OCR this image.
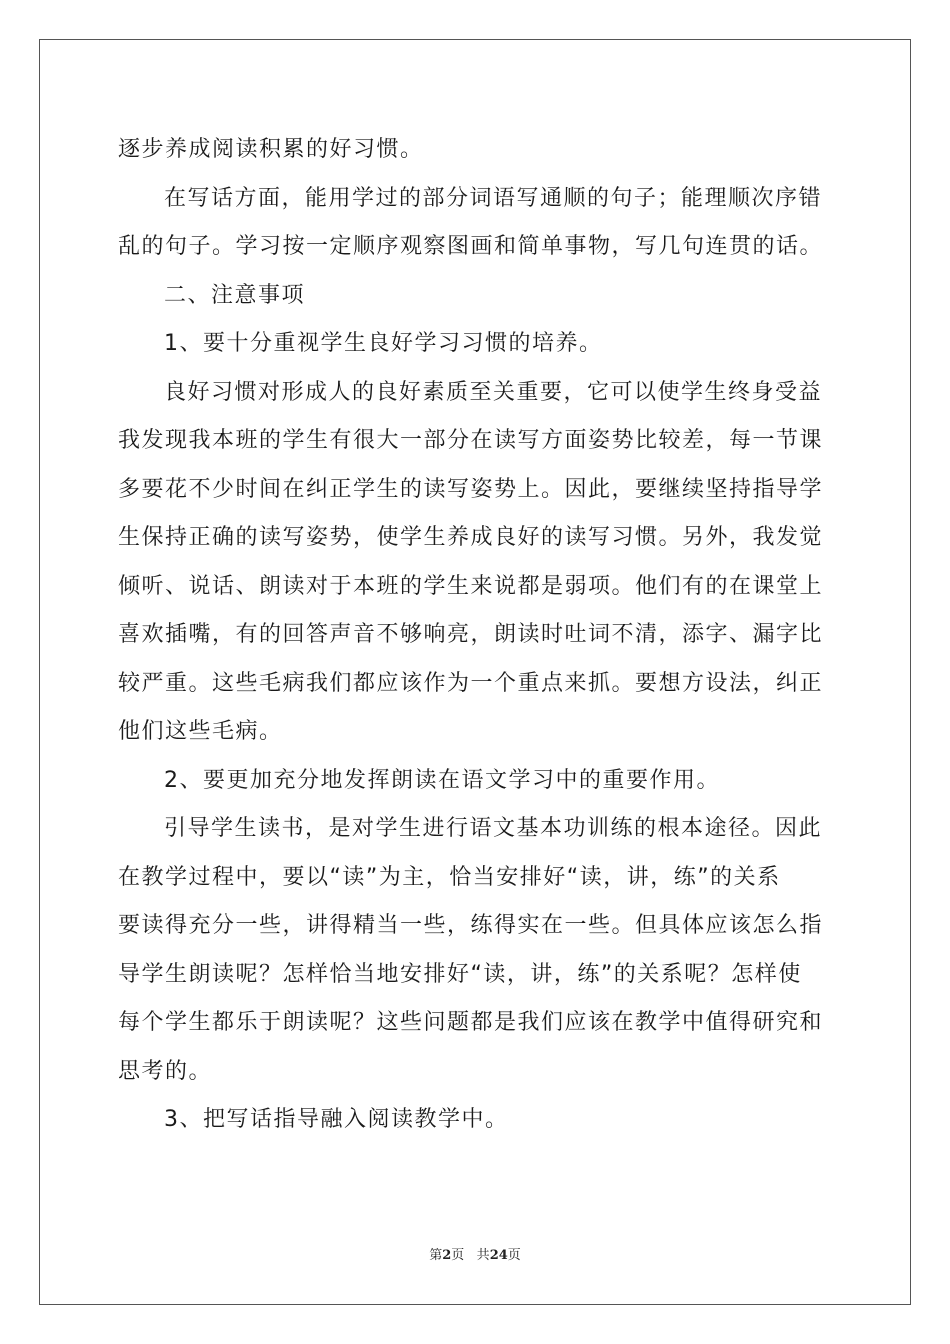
逐步养成阅读积累的好习惯。
在写话方面，能用学过的部分词语写通顺的句子；能理顺次序错
乱的句子。学习按一定顺序观察图画和简单事物，写几句连贯的话。
二、注意事项
1、要十分重视学生良好学习习惯的培养。
良好习惯对形成人的良好素质至关重要，它可以使学生终身受益
我发现我本班的学生有很大一部分在读写方面姿势比较差，每一节课
多要花不少时间在纠正学生的读写姿势上。因此，要继续坚持指导学
生保持正确的读写姿势，使学生养成良好的读写习惯。另外，我发觉
倾听、说话、朗读对于本班的学生来说都是弱项。他们有的在课堂上
喜欢插嘴，有的回答声音不够响亮，朗读时吐词不清，添字、漏字比
较严重。这些毛病我们都应该作为一个重点来抓。要想方设法，纠正
他们这些毛病。
2、要更加充分地发挥朗读在语文学习中的重要作用。
引导学生读书，是对学生进行语文基本功训练的根本途径。因此
在教学过程中，要以“读”为主，恰当安排好“读，讲，练”的关系
要读得充分一些，讲得精当一些，练得实在一些。但具体应该怎么指
导学生朗读呢？怎样恰当地安排好“读，讲，练”的关系呢？怎样使
每个学生都乐于朗读呢？这些问题都是我们应该在教学中值得研究和
思考的。
3、把写话指导融入阅读教学中。
第2页 共24页
